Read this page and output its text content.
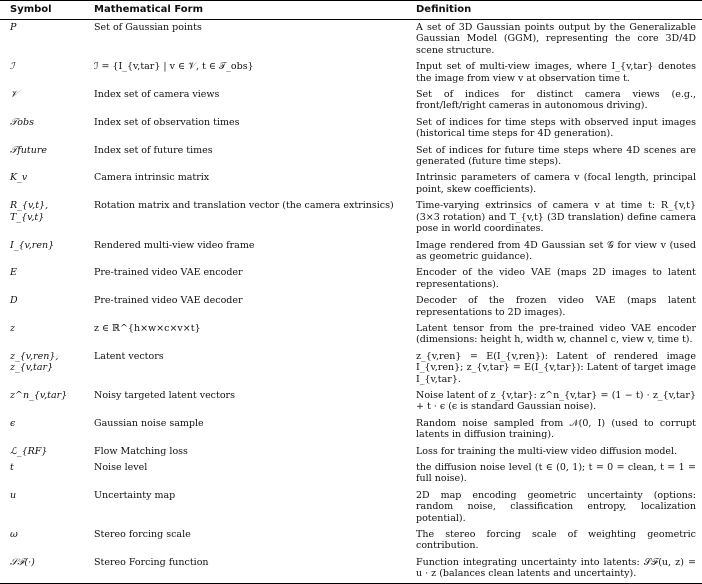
Symbol	Mathematical Form	Definition
P	Set of Gaussian points	A set of 3D Gaussian points output by the Generalizable Gaussian Model (GGM), representing the core 3D/4D scene structure.
ℐ	ℐ = {I_{v,tar} | v ∈ 𝒱, t ∈ 𝒯_obs}	Input set of multi-view images, where I_{v,tar} denotes the image from view v at observation time t.
𝒱	Index set of camera views	Set of indices for distinct camera views (e.g., front/left/right cameras in autonomous driving).
𝒯obs	Index set of observation times	Set of indices for time steps with observed input images (historical time steps for 4D generation).
𝒯future	Index set of future times	Set of indices for future time steps where 4D scenes are generated (future time steps).
K_v	Camera intrinsic matrix	Intrinsic parameters of camera v (focal length, principal point, skew coefficients).
R_{v,t}, T_{v,t}	Rotation matrix and translation vector (the camera extrinsics)	Time-varying extrinsics of camera v at time t: R_{v,t} (3×3 rotation) and T_{v,t} (3D translation) define camera pose in world coordinates.
I_{v,ren}	Rendered multi-view video frame	Image rendered from 4D Gaussian set 𝒢 for view v (used as geometric guidance).
E	Pre-trained video VAE encoder	Encoder of the video VAE (maps 2D images to latent representations).
D	Pre-trained video VAE decoder	Decoder of the frozen video VAE (maps latent representations to 2D images).
z	z ∈ ℝ^{h×w×c×v×t}	Latent tensor from the pre-trained video VAE encoder (dimensions: height h, width w, channel c, view v, time t).
z_{v,ren}, z_{v,tar}	Latent vectors	z_{v,ren} = E(I_{v,ren}): Latent of rendered image I_{v,ren}; z_{v,tar} = E(I_{v,tar}): Latent of target image I_{v,tar}.
z^n_{v,tar}	Noisy targeted latent vectors	Noise latent of z_{v,tar}: z^n_{v,tar} = (1 − t) · z_{v,tar} + t · ϵ (ϵ is standard Gaussian noise).
ϵ	Gaussian noise sample	Random noise sampled from 𝒩(0, I) (used to corrupt latents in diffusion training).
ℒ_{RF}	Flow Matching loss	Loss for training the multi-view video diffusion model.
t	Noise level	the diffusion noise level (t ∈ (0, 1); t = 0 = clean, t = 1 = full noise).
u	Uncertainty map	2D map encoding geometric uncertainty (options: random noise, classification entropy, localization potential).
ω	Stereo forcing scale	The stereo forcing scale of weighting geometric contribution.
𝒮ℱ(·)	Stereo Forcing function	Function integrating uncertainty into latents: 𝒮ℱ(u, z) = u · z (balances clean latents and uncertainty).
